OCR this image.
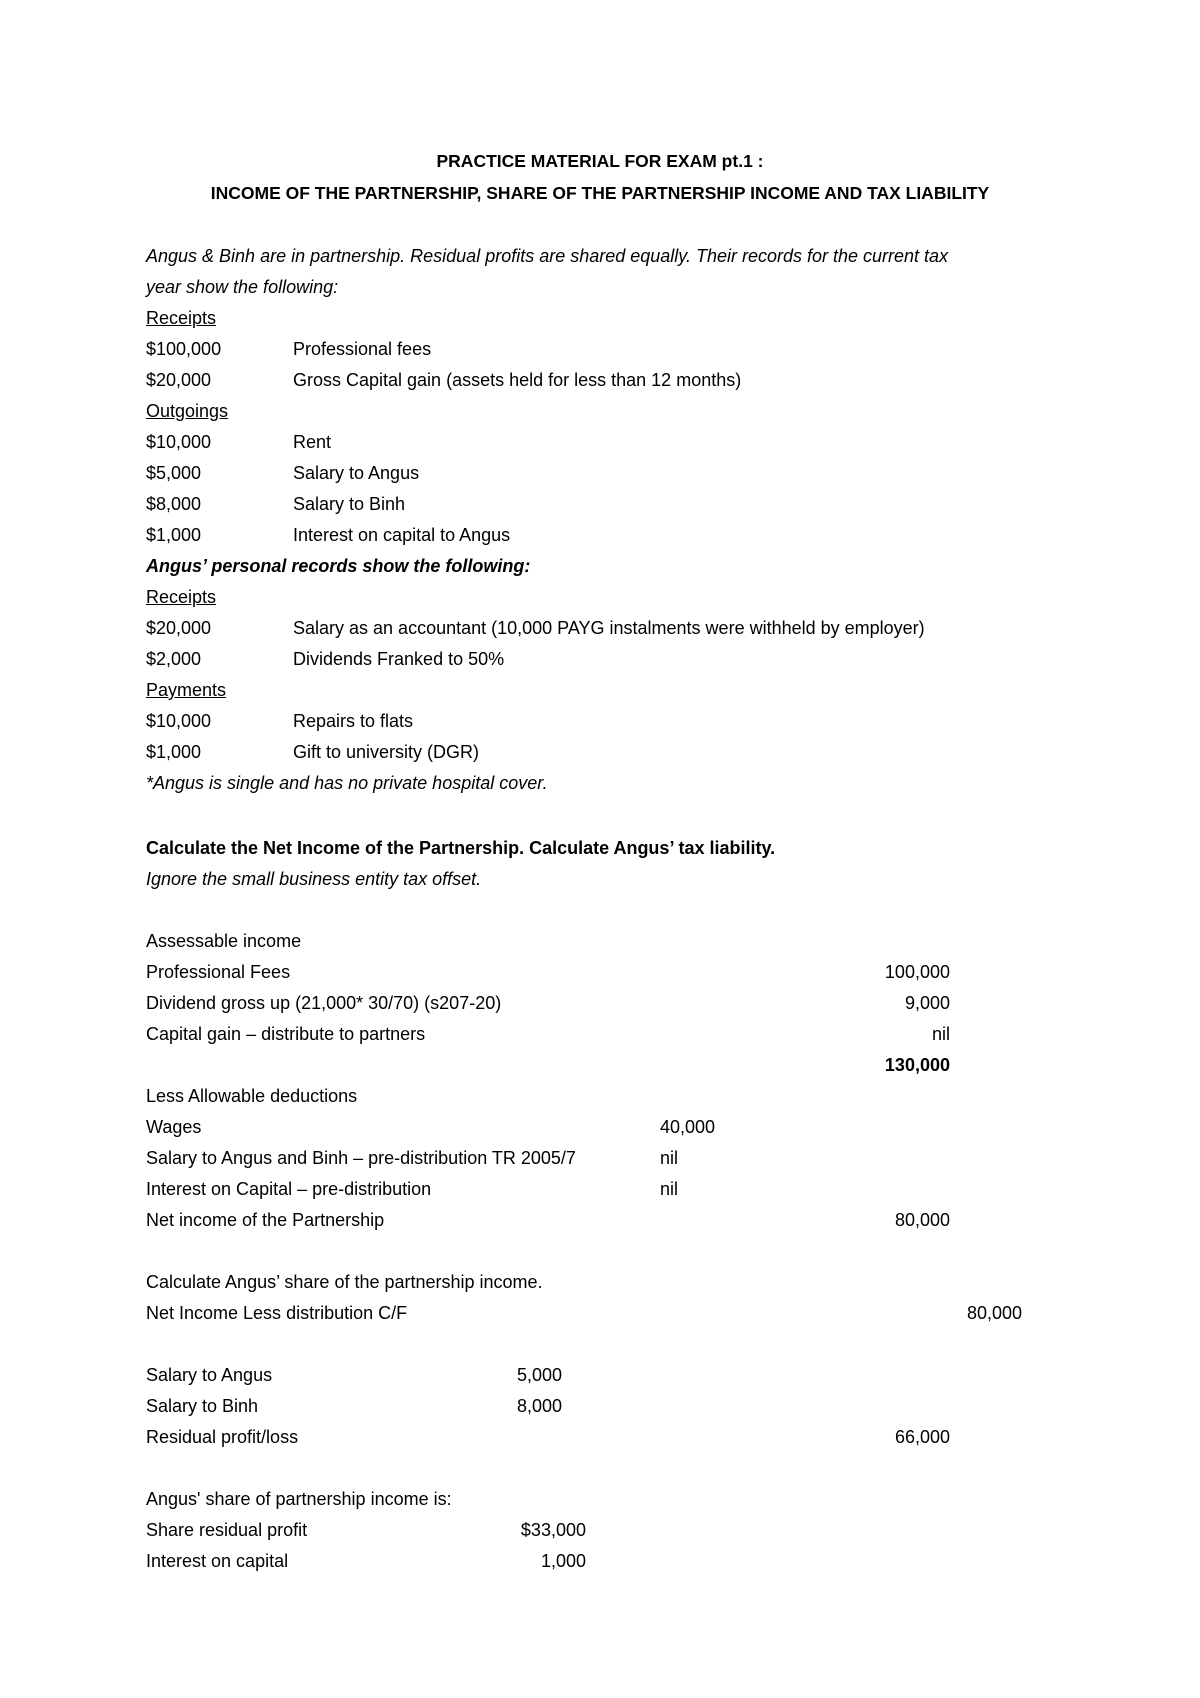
PRACTICE MATERIAL FOR EXAM pt.1 :
INCOME OF THE PARTNERSHIP, SHARE OF THE PARTNERSHIP INCOME AND TAX LIABILITY
Angus & Binh are in partnership. Residual profits are shared equally. Their records for the current tax
year show the following:
Receipts
$100,000	Professional fees
$20,000	Gross Capital gain (assets held for less than 12 months)
Outgoings
$10,000	Rent
$5,000	Salary to Angus
$8,000	Salary to Binh
$1,000	Interest on capital to Angus
Angus’ personal records show the following:
Receipts
$20,000	Salary as an accountant (10,000 PAYG instalments were withheld by employer)
$2,000	Dividends Franked to 50%
Payments
$10,000	Repairs to flats
$1,000	Gift to university (DGR)
*Angus is single and has no private hospital cover.
Calculate the Net Income of the Partnership. Calculate Angus’ tax liability.
Ignore the small business entity tax offset.
Assessable income
Professional Fees	100,000
Dividend gross up (21,000* 30/70) (s207-20)	9,000
Capital gain – distribute to partners	nil
130,000
Less Allowable deductions
Wages	40,000
Salary to Angus and Binh – pre-distribution TR 2005/7	nil
Interest on Capital – pre-distribution	nil
Net income of the Partnership	80,000
Calculate Angus’ share of the partnership income.
Net Income Less distribution C/F	80,000
Salary to Angus	5,000
Salary to Binh	8,000
Residual profit/loss	66,000
Angus' share of partnership income is:
Share residual profit	$33,000
Interest on capital	1,000
